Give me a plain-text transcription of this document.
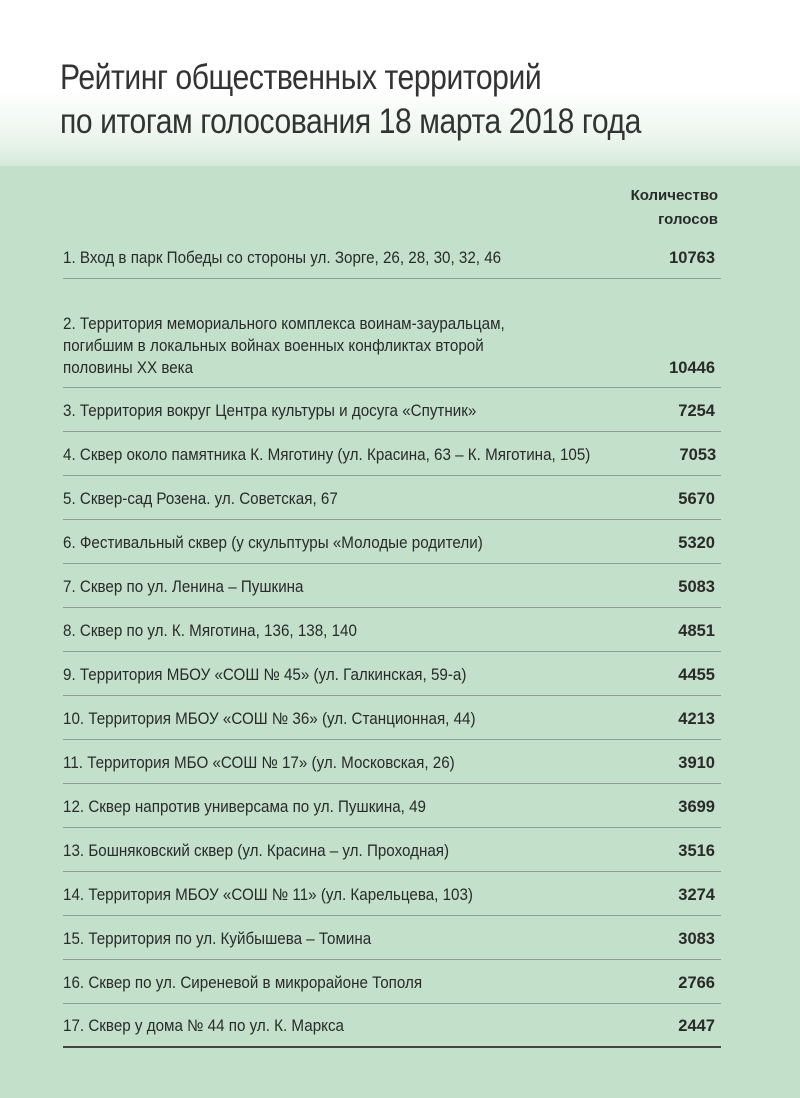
Рейтинг общественных территорий
по итогам голосования 18 марта 2018 года
Количество
голосов
1. Вход в парк Победы со стороны ул. Зорге, 26, 28, 30, 32, 46	10763
2. Территория мемориального комплекса воинам-зауральцам,
погибшим в локальных войнах военных конфликтах второй
половины XX века	10446
3. Территория вокруг Центра культуры и досуга «Спутник»	7254
4. Сквер около памятника К. Мяготину (ул. Красина, 63 – К. Мяготина, 105)	7053
5. Сквер-сад Розена. ул. Советская, 67	5670
6. Фестивальный сквер (у скульптуры «Молодые родители)	5320
7. Сквер по ул. Ленина – Пушкина	5083
8. Сквер по ул. К. Мяготина, 136, 138, 140	4851
9. Территория МБОУ «СОШ № 45» (ул. Галкинская, 59-а)	4455
10. Территория МБОУ «СОШ № 36» (ул. Станционная, 44)	4213
11. Территория МБО «СОШ № 17» (ул. Московская, 26)	3910
12. Сквер напротив универсама по ул. Пушкина, 49	3699
13. Бошняковский сквер (ул. Красина – ул. Проходная)	3516
14. Территория МБОУ «СОШ № 11» (ул. Карельцева, 103)	3274
15. Территория по ул. Куйбышева – Томина	3083
16. Сквер по ул. Сиреневой в микрорайоне Тополя	2766
17. Сквер у дома № 44 по ул. К. Маркса	2447
